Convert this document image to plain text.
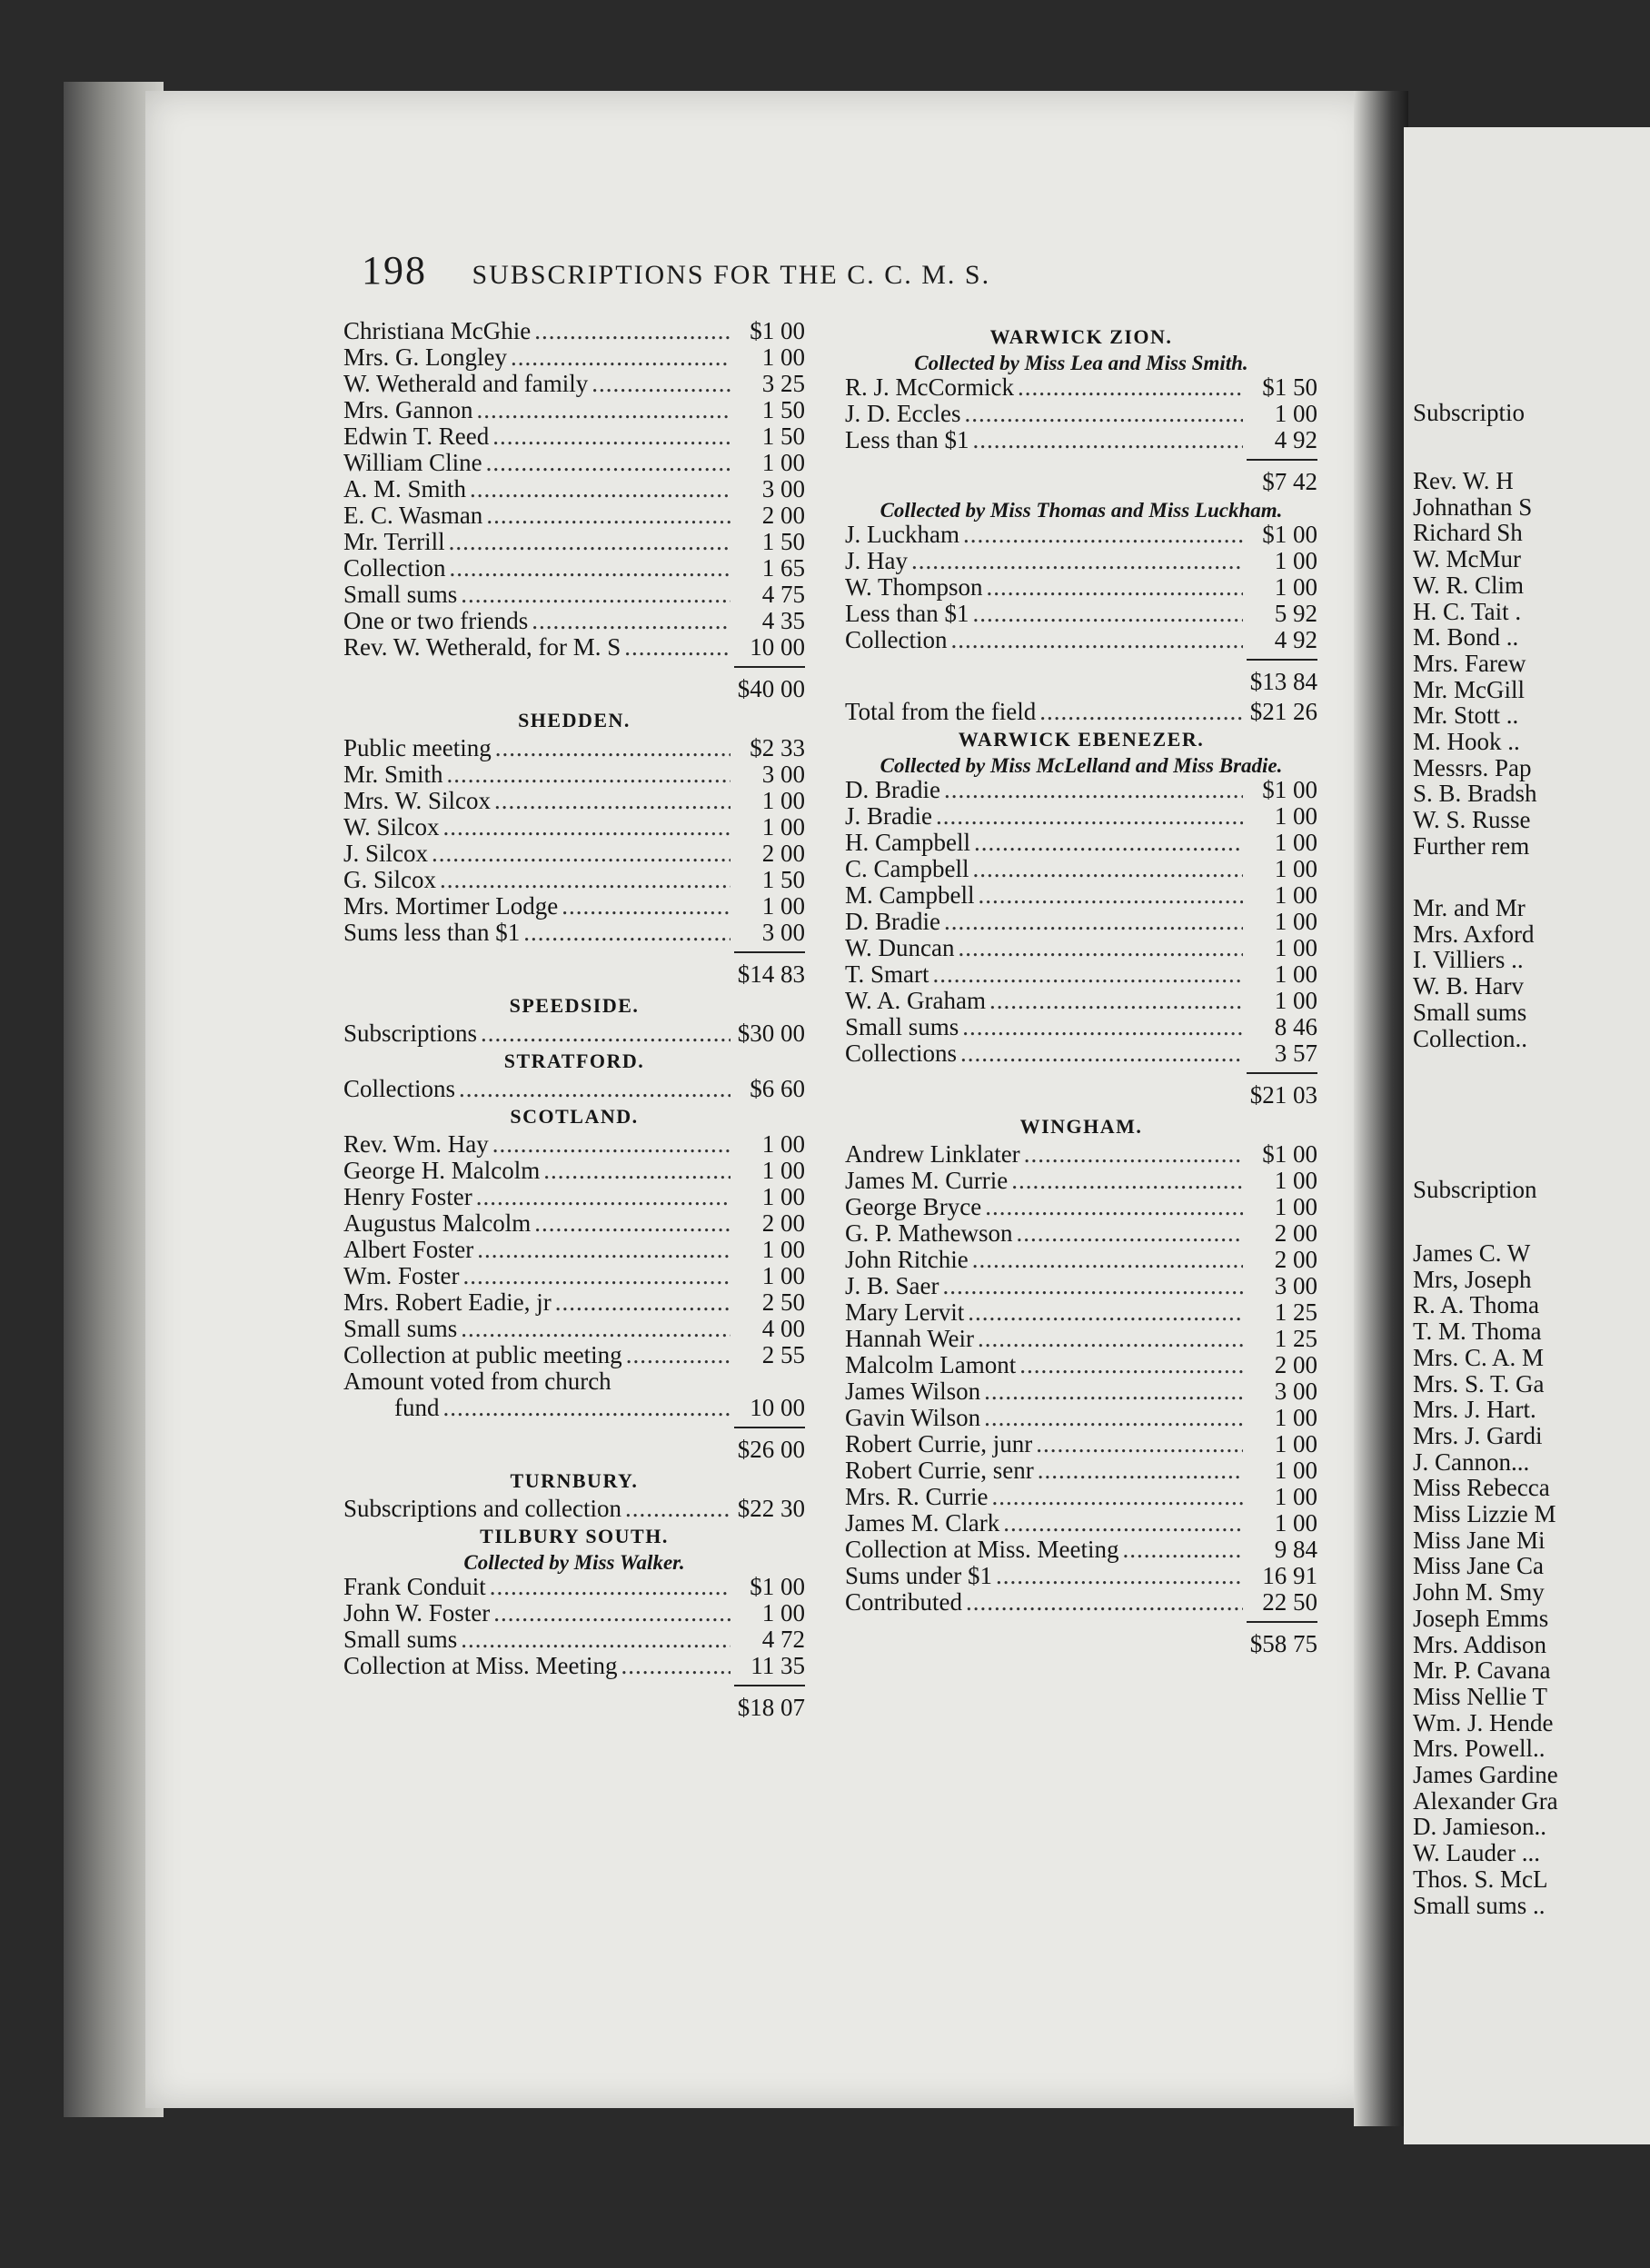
Subscriptio
Rev. W. H
Johnathan S
Richard Sh
W. McMur
W. R. Clim
H. C. Tait .
M. Bond ..
Mrs. Farew
Mr. McGill
Mr. Stott ..
M. Hook ..
Messrs. Pap
S. B. Bradsh
W. S. Russe
Further rem
Mr. and Mr
Mrs. Axford
I. Villiers ..
W. B. Harv
Small sums
Collection..
Subscription
James C. W
Mrs, Joseph
R. A. Thoma
T. M. Thoma
Mrs. C. A. M
Mrs. S. T. Ga
Mrs. J. Hart.
Mrs. J. Gardi
J. Cannon...
Miss Rebecca
Miss Lizzie M
Miss Jane Mi
Miss Jane Ca
John M. Smy
Joseph Emms
Mrs. Addison
Mr. P. Cavana
Miss Nellie T
Wm. J. Hende
Mrs. Powell..
James Gardine
Alexander Gra
D. Jamieson..
W. Lauder ...
Thos. S. McL
Small sums ..
198 SUBSCRIPTIONS FOR THE C. C. M. S.
Christiana McGhie .....	$1 00
Mrs. G. Longley .....	1 00
W. Wetherald and family .....	3 25
Mrs. Gannon .....	1 50
Edwin T. Reed .....	1 50
William Cline .....	1 00
A. M. Smith .....	3 00
E. C. Wasman .....	2 00
Mr. Terrill .....	1 50
Collection .....	1 65
Small sums .....	4 75
One or two friends .....	4 35
Rev. W. Wetherald, for M. S .....	10 00
$40 00
SHEDDEN.
Public meeting .....	$2 33
Mr. Smith .....	3 00
Mrs. W. Silcox .....	1 00
W. Silcox .....	1 00
J. Silcox .....	2 00
G. Silcox .....	1 50
Mrs. Mortimer Lodge .....	1 00
Sums less than $1 .....	3 00
$14 83
SPEEDSIDE.
Subscriptions .....	$30 00
STRATFORD.
Collections .....	$6 60
SCOTLAND.
Rev. Wm. Hay .....	1 00
George H. Malcolm .....	1 00
Henry Foster .....	1 00
Augustus Malcolm .....	2 00
Albert Foster .....	1 00
Wm. Foster .....	1 00
Mrs. Robert Eadie, jr .....	2 50
Small sums .....	4 00
Collection at public meeting .....	2 55
Amount voted from church
fund .....	10 00
$26 00
TURNBURY.
Subscriptions and collection .....	$22 30
TILBURY SOUTH.
Collected by Miss Walker.
Frank Conduit .....	$1 00
John W. Foster .....	1 00
Small sums .....	4 72
Collection at Miss. Meeting .....	11 35
$18 07
WARWICK ZION.
Collected by Miss Lea and Miss Smith.
R. J. McCormick .....	$1 50
J. D. Eccles .....	1 00
Less than $1 .....	4 92
$7 42
Collected by Miss Thomas and Miss Luckham.
J. Luckham .....	$1 00
J. Hay .....	1 00
W. Thompson .....	1 00
Less than $1 .....	5 92
Collection .....	4 92
$13 84
Total from the field .....	$21 26
WARWICK EBENEZER.
Collected by Miss McLelland and Miss Bradie.
D. Bradie .....	$1 00
J. Bradie .....	1 00
H. Campbell .....	1 00
C. Campbell .....	1 00
M. Campbell .....	1 00
D. Bradie .....	1 00
W. Duncan .....	1 00
T. Smart .....	1 00
W. A. Graham .....	1 00
Small sums .....	8 46
Collections .....	3 57
$21 03
WINGHAM.
Andrew Linklater .....	$1 00
James M. Currie .....	1 00
George Bryce .....	1 00
G. P. Mathewson .....	2 00
John Ritchie .....	2 00
J. B. Saer .....	3 00
Mary Lervit .....	1 25
Hannah Weir .....	1 25
Malcolm Lamont .....	2 00
James Wilson .....	3 00
Gavin Wilson .....	1 00
Robert Currie, junr .....	1 00
Robert Currie, senr .....	1 00
Mrs. R. Currie .....	1 00
James M. Clark .....	1 00
Collection at Miss. Meeting .....	9 84
Sums under $1 .....	16 91
Contributed .....	22 50
$58 75
